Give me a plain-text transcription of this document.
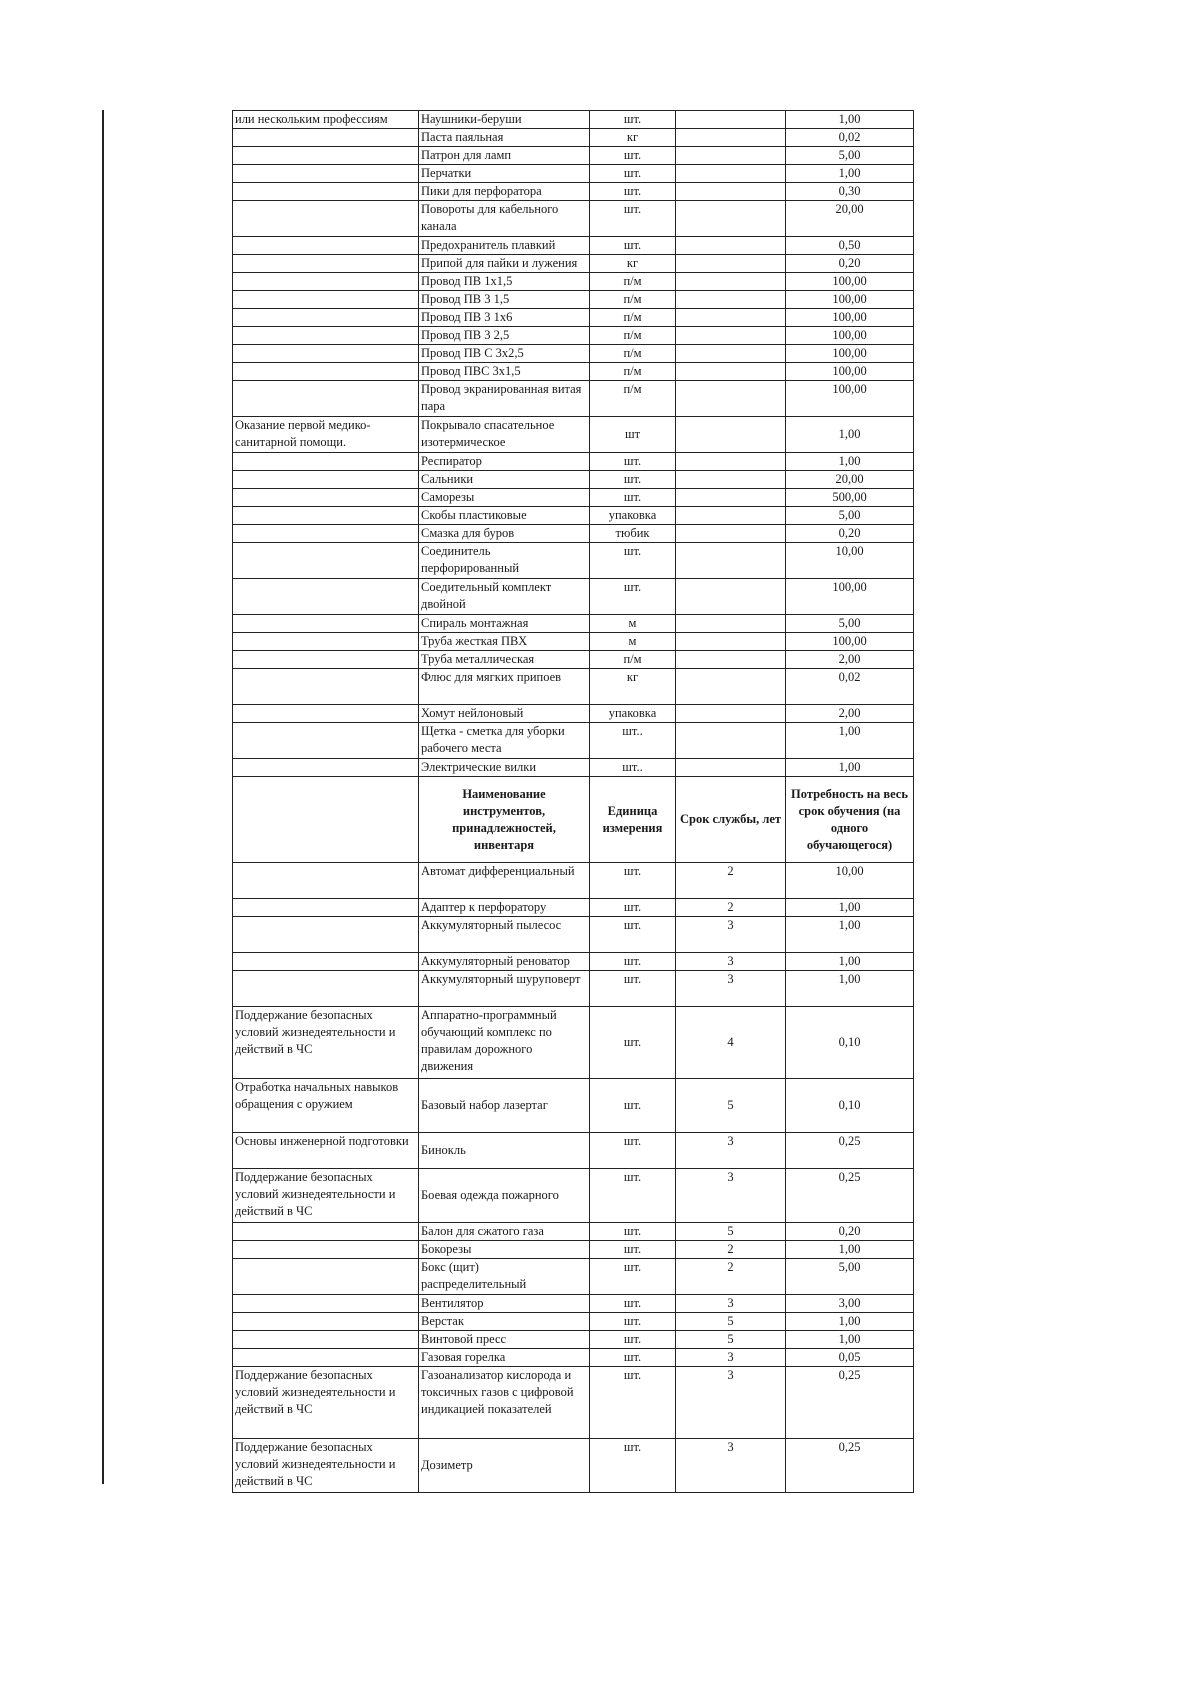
или нескольким профессиям	Наушники-беруши	шт.		1,00
	Паста паяльная	кг		0,02
	Патрон для ламп	шт.		5,00
	Перчатки	шт.		1,00
	Пики для перфоратора	шт.		0,30
	Повороты для кабельного канала	шт.		20,00
	Предохранитель плавкий	шт.		0,50
	Припой для пайки и лужения	кг		0,20
	Провод ПВ 1х1,5	п/м		100,00
	Провод ПВ 3 1,5	п/м		100,00
	Провод ПВ 3 1х6	п/м		100,00
	Провод ПВ 3 2,5	п/м		100,00
	Провод ПВ С 3х2,5	п/м		100,00
	Провод ПВС 3х1,5	п/м		100,00
	Провод экранированная витая пара	п/м		100,00
Оказание первой медико-санитарной помощи.	Покрывало спасательное изотермическое	шт		1,00
	Респиратор	шт.		1,00
	Сальники	шт.		20,00
	Саморезы	шт.		500,00
	Скобы пластиковые	упаковка		5,00
	Смазка для буров	тюбик		0,20
	Соединитель перфорированный	шт.		10,00
	Соедительный комплект двойной	шт.		100,00
	Спираль монтажная	м		5,00
	Труба жесткая ПВХ	м		100,00
	Труба металлическая	п/м		2,00
	Флюс для мягких припоев	кг		0,02
	Хомут нейлоновый	упаковка		2,00
	Щетка - сметка для уборки рабочего места	шт..		1,00
	Электрические вилки	шт..		1,00
	Наименование инструментов, принадлежностей, инвентаря	Единица измерения	Срок службы, лет	Потребность на весь срок обучения (на одного обучающегося)
	Автомат дифференциальный	шт.	2	10,00
	Адаптер к перфоратору	шт.	2	1,00
	Аккумуляторный пылесос	шт.	3	1,00
	Аккумуляторный реноватор	шт.	3	1,00
	Аккумуляторный шуруповерт	шт.	3	1,00
Поддержание безопасных условий жизнедеятельности и действий в ЧС	Аппаратно-программный обучающий комплекс по правилам дорожного движения	шт.	4	0,10
Отработка начальных навыков обращения с оружием	Базовый набор лазертаг	шт.	5	0,10
Основы инженерной подготовки	Бинокль	шт.	3	0,25
Поддержание безопасных условий жизнедеятельности и действий в ЧС	Боевая одежда пожарного	шт.	3	0,25
	Балон для сжатого газа	шт.	5	0,20
	Бокорезы	шт.	2	1,00
	Бокс (щит) распределительный	шт.	2	5,00
	Вентилятор	шт.	3	3,00
	Верстак	шт.	5	1,00
	Винтовой пресс	шт.	5	1,00
	Газовая горелка	шт.	3	0,05
Поддержание безопасных условий жизнедеятельности и действий в ЧС	Газоанализатор кислорода и токсичных газов с цифровой индикацией показателей	шт.	3	0,25
Поддержание безопасных условий жизнедеятельности и действий в ЧС	Дозиметр	шт.	3	0,25
